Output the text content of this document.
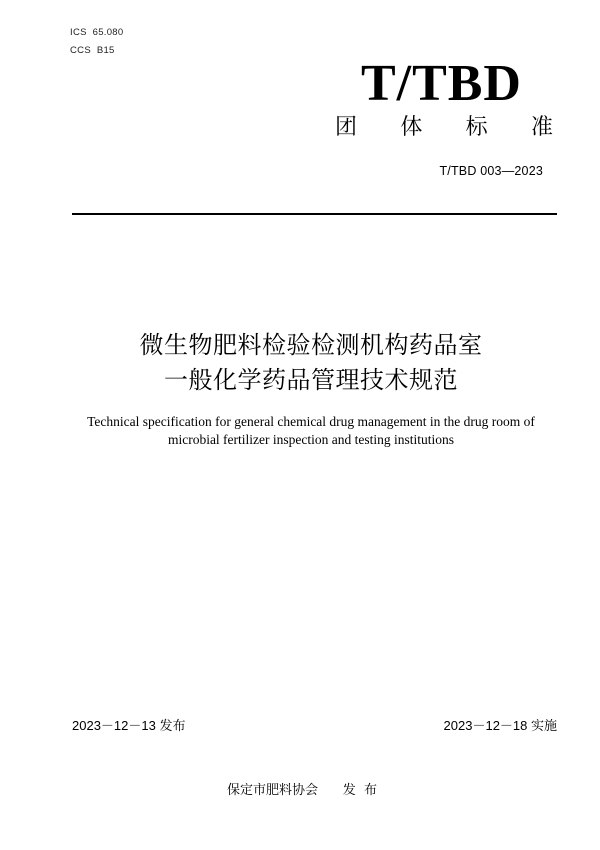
ICS  65.080
CCS  B15
T/TBD
团 体 标 准
T/TBD 003—2023
微生物肥料检验检测机构药品室
一般化学药品管理技术规范
Technical specification for general chemical drug management in the drug room of
microbial fertilizer inspection and testing institutions
2023－12－13 发布	2023－12－18 实施
保定市肥料协会      发  布
